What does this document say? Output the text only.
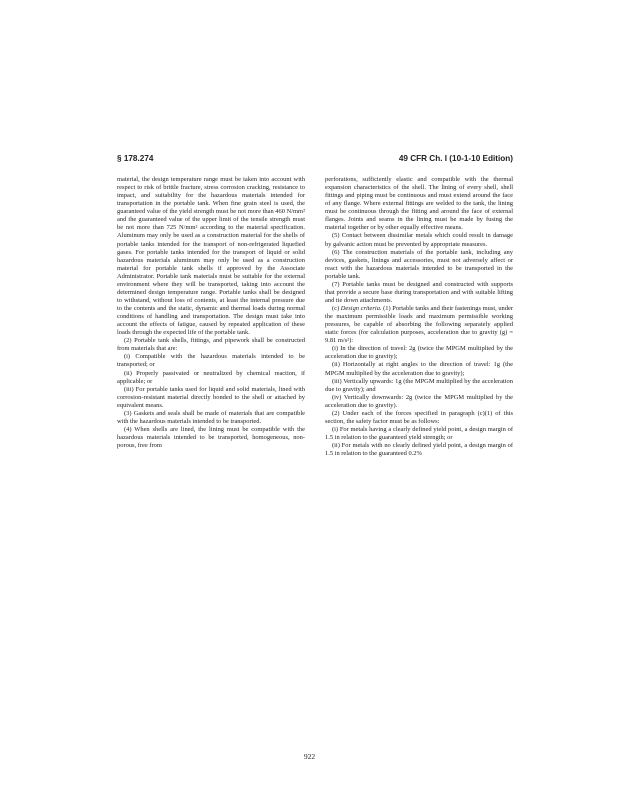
§ 178.274	49 CFR Ch. I (10-1-10 Edition)

material, the design temperature range must be taken into account with respect to risk of brittle fracture, stress corrosion cracking, resistance to impact, and suitability for the hazardous materials intended for transportation in the portable tank. When fine grain steel is used, the guaranteed value of the yield strength must be not more than 460 N/mm² and the guaranteed value of the upper limit of the tensile strength must be not more than 725 N/mm² according to the material specification. Aluminum may only be used as a construction material for the shells of portable tanks intended for the transport of non-refrigerated liquefied gases. For portable tanks intended for the transport of liquid or solid hazardous materials aluminum may only be used as a construction material for portable tank shells if approved by the Associate Administrator. Portable tank materials must be suitable for the external environment where they will be transported, taking into account the determined design temperature range. Portable tanks shall be designed to withstand, without loss of contents, at least the internal pressure due to the contents and the static, dynamic and thermal loads during normal conditions of handling and transportation. The design must take into account the effects of fatigue, caused by repeated application of these loads through the expected life of the portable tank.

(2) Portable tank shells, fittings, and pipework shall be constructed from materials that are:

(i) Compatible with the hazardous materials intended to be transported; or

(ii) Properly passivated or neutralized by chemical reaction, if applicable; or

(iii) For portable tanks used for liquid and solid materials, lined with corrosion-resistant material directly bonded to the shell or attached by equivalent means.

(3) Gaskets and seals shall be made of materials that are compatible with the hazardous materials intended to be transported.

(4) When shells are lined, the lining must be compatible with the hazardous materials intended to be transported, homogeneous, non-porous, free from

perforations, sufficiently elastic and compatible with the thermal expansion characteristics of the shell. The lining of every shell, shell fittings and piping must be continuous and must extend around the face of any flange. Where external fittings are welded to the tank, the lining must be continuous through the fitting and around the face of external flanges. Joints and seams in the lining must be made by fusing the material together or by other equally effective means.

(5) Contact between dissimilar metals which could result in damage by galvanic action must be prevented by appropriate measures.

(6) The construction materials of the portable tank, including any devices, gaskets, linings and accessories, must not adversely affect or react with the hazardous materials intended to be transported in the portable tank.

(7) Portable tanks must be designed and constructed with supports that provide a secure base during transportation and with suitable lifting and tie down attachments.

(c) Design criteria. (1) Portable tanks and their fastenings must, under the maximum permissible loads and maximum permissible working pressures, be capable of absorbing the following separately applied static forces (for calculation purposes, acceleration due to gravity (g) = 9.81 m/s²):

(i) In the direction of travel: 2g (twice the MPGM multiplied by the acceleration due to gravity);

(ii) Horizontally at right angles to the direction of travel: 1g (the MPGM multiplied by the acceleration due to gravity);

(iii) Vertically upwards: 1g (the MPGM multiplied by the acceleration due to gravity); and

(iv) Vertically downwards: 2g (twice the MPGM multiplied by the acceleration due to gravity).

(2) Under each of the forces specified in paragraph (c)(1) of this section, the safety factor must be as follows:

(i) For metals having a clearly defined yield point, a design margin of 1.5 in relation to the guaranteed yield strength; or

(ii) For metals with no clearly defined yield point, a design margin of 1.5 in relation to the guaranteed 0.2%

922
